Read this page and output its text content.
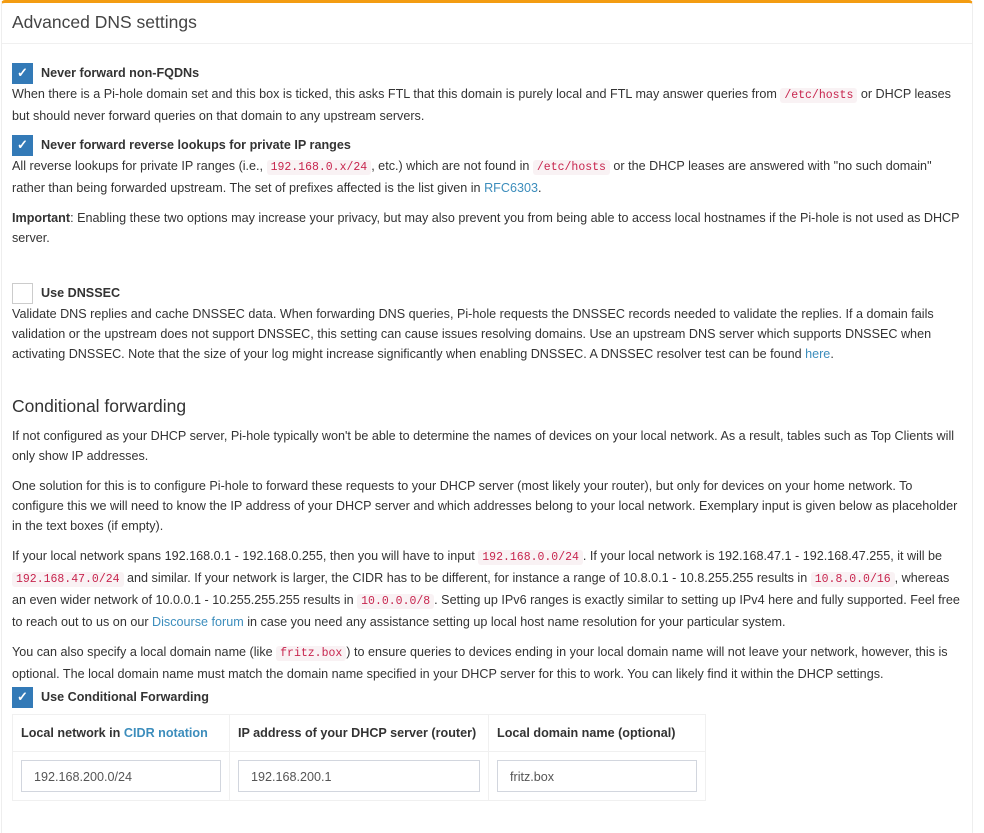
Advanced DNS settings
✓	Never forward non-FQDNs

When there is a Pi-hole domain set and this box is ticked, this asks FTL that this domain is purely local and FTL may answer queries from /etc/hosts or DHCP leases but should never forward queries on that domain to any upstream servers.

✓	Never forward reverse lookups for private IP ranges

All reverse lookups for private IP ranges (i.e., 192.168.0.x/24 , etc.) which are not found in /etc/hosts or the DHCP leases are answered with "no such domain" rather than being forwarded upstream. The set of prefixes affected is the list given in RFC6303.

Important: Enabling these two options may increase your privacy, but may also prevent you from being able to access local hostnames if the Pi-hole is not used as DHCP server.

Use DNSSEC

Validate DNS replies and cache DNSSEC data. When forwarding DNS queries, Pi-hole requests the DNSSEC records needed to validate the replies. If a domain fails validation or the upstream does not support DNSSEC, this setting can cause issues resolving domains. Use an upstream DNS server which supports DNSSEC when activating DNSSEC. Note that the size of your log might increase significantly when enabling DNSSEC. A DNSSEC resolver test can be found here.

Conditional forwarding

If not configured as your DHCP server, Pi-hole typically won't be able to determine the names of devices on your local network. As a result, tables such as Top Clients will only show IP addresses.

One solution for this is to configure Pi-hole to forward these requests to your DHCP server (most likely your router), but only for devices on your home network. To configure this we will need to know the IP address of your DHCP server and which addresses belong to your local network. Exemplary input is given below as placeholder in the text boxes (if empty).

If your local network spans 192.168.0.1 - 192.168.0.255, then you will have to input 192.168.0.0/24 . If your local network is 192.168.47.1 - 192.168.47.255, it will be 192.168.47.0/24 and similar. If your network is larger, the CIDR has to be different, for instance a range of 10.8.0.1 - 10.8.255.255 results in 10.8.0.0/16 , whereas an even wider network of 10.0.0.1 - 10.255.255.255 results in 10.0.0.0/8 . Setting up IPv6 ranges is exactly similar to setting up IPv4 here and fully supported. Feel free to reach out to us on our Discourse forum in case you need any assistance setting up local host name resolution for your particular system.

You can also specify a local domain name (like fritz.box ) to ensure queries to devices ending in your local domain name will not leave your network, however, this is optional. The local domain name must match the domain name specified in your DHCP server for this to work. You can likely find it within the DHCP settings.

✓	Use Conditional Forwarding
Local network in CIDR notation	IP address of your DHCP server (router)	Local domain name (optional)

192.168.200.0/24	192.168.200.1	fritz.box
